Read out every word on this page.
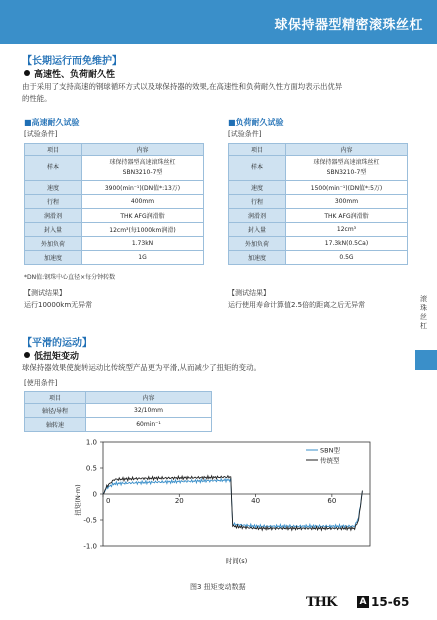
球保持器型精密滚珠丝杠
【长期运行而免维护】
高速性、负荷耐久性
由于采用了支持高速的钢球循环方式以及球保持器的效果,在高速性和负荷耐久性方面均表示出优异
的性能。
■高速耐久试验
[试验条件]
项目	内容
样本	球保持器型高速滚珠丝杠
SBN3210-7型

速度	3900(min⁻¹)(DN值*:13万)
行程	400mm
润滑剂	THK AFG润滑脂
封入量	12cm³(每1000km润滑)
外加负荷	1.73kN
加速度	1G
*DN值:钢珠中心直径×每分钟转数
【测试结果】
运行10000km无异常
■负荷耐久试验
[试验条件]
项目	内容
样本	球保持器型高速滚珠丝杠
SBN3210-7型

速度	1500(min⁻¹)(DN值*:5万)
行程	300mm
润滑剂	THK AFG润滑脂
封入量	12cm³
外加负荷	17.3kN(0.5Ca)
加速度	0.5G
【测试结果】
运行使用寿命计算值2.5倍的距离之后无异常
【平滑的运动】
低扭矩变动
球保持器效果使旋转运动比传统型产品更为平滑,从而减少了扭矩的变动。
[使用条件]
项目	内容
轴径/导程	32/10mm
轴转速	60min⁻¹
滚珠丝杠
1.0
0.5
0
-0.5
-1.0
0	20	40	60
扭矩(N·m)
时间(s)
SBN型
传统型
图3 扭矩变动数据
THK	A 15-65
